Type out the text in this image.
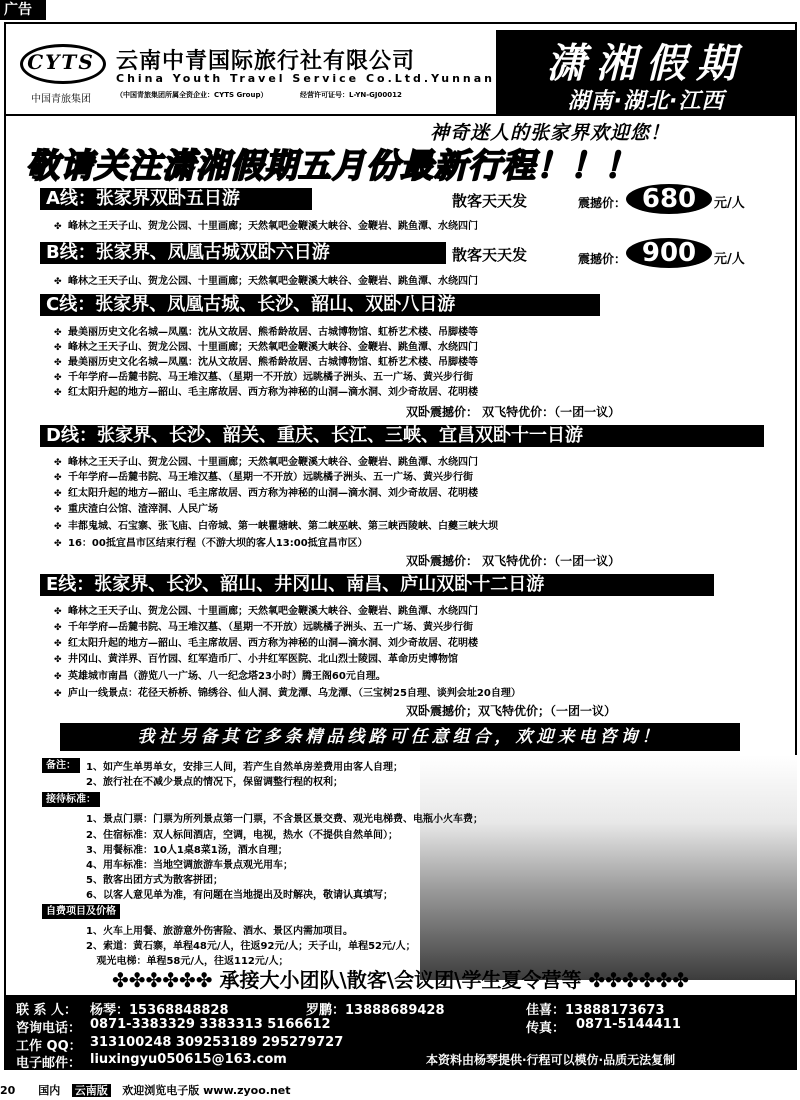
广告
CYTS
中国青旅集团
云南中青国际旅行社有限公司
China Youth Travel Service Co.Ltd.Yunnan
（中国青旅集团所属全资企业：CYTS Group）	经营许可证号：L-YN-GJ00012
潇湘假期
湖南·湖北·江西
神奇迷人的张家界欢迎您！
敬请关注潇湘假期五月份最新行程！！！
A线：张家界双卧五日游	散客天天发	震撼价： 680	元/人
✤ 峰林之王天子山、贺龙公园、十里画廊；天然氧吧金鞭溪大峡谷、金鞭岩、跳鱼潭、水绕四门
B线：张家界、凤凰古城双卧六日游	散客天天发	震撼价： 900	元/人
✤ 峰林之王天子山、贺龙公园、十里画廊；天然氧吧金鞭溪大峡谷、金鞭岩、跳鱼潭、水绕四门
C线：张家界、凤凰古城、长沙、韶山、双卧八日游
✤ 最美丽历史文化名城—凤凰：沈从文故居、熊希龄故居、古城博物馆、虹桥艺术楼、吊脚楼等
✤ 峰林之王天子山、贺龙公园、十里画廊；天然氧吧金鞭溪大峡谷、金鞭岩、跳鱼潭、水绕四门
✤ 最美丽历史文化名城—凤凰：沈从文故居、熊希龄故居、古城博物馆、虹桥艺术楼、吊脚楼等
✤ 千年学府—岳麓书院、马王堆汉墓、（星期一不开放）远眺橘子洲头、五一广场、黄兴步行街
✤ 红太阳升起的地方—韶山、毛主席故居、西方称为神秘的山洞—滴水洞、刘少奇故居、花明楼
双卧震撼价： 双飞特优价：（一团一议）
D线：张家界、长沙、韶关、重庆、长江、三峡、宜昌双卧十一日游
✤ 峰林之王天子山、贺龙公园、十里画廊；天然氧吧金鞭溪大峡谷、金鞭岩、跳鱼潭、水绕四门
✤ 千年学府—岳麓书院、马王堆汉墓、（星期一不开放）远眺橘子洲头、五一广场、黄兴步行街
✤ 红太阳升起的地方—韶山、毛主席故居、西方称为神秘的山洞—滴水洞、刘少奇故居、花明楼
✤ 重庆渣白公馆、渣滓洞、人民广场
✤ 丰都鬼城、石宝寨、张飞庙、白帝城、第一峡瞿塘峡、第二峡巫峡、第三峡西陵峡、白夔三峡大坝
✤ 16：00抵宜昌市区结束行程（不游大坝的客人13:00抵宜昌市区）
双卧震撼价： 双飞特优价：（一团一议）
E线：张家界、长沙、韶山、井冈山、南昌、庐山双卧十二日游
✤ 峰林之王天子山、贺龙公园、十里画廊；天然氧吧金鞭溪大峡谷、金鞭岩、跳鱼潭、水绕四门
✤ 千年学府—岳麓书院、马王堆汉墓、（星期一不开放）远眺橘子洲头、五一广场、黄兴步行街
✤ 红太阳升起的地方—韶山、毛主席故居、西方称为神秘的山洞—滴水洞、刘少奇故居、花明楼
✤ 井冈山、黄洋界、百竹园、红军造币厂、小井红军医院、北山烈士陵园、革命历史博物馆
✤ 英雄城市南昌（游览八一广场、八一纪念塔23小时）腾王阁60元自理。
✤ 庐山一线景点：花径天桥桥、锦绣谷、仙人洞、黄龙潭、乌龙潭、（三宝树25自理、谈判会址20自理）
双卧震撼价；双飞特优价；（一团一议）
我社另备其它多条精品线路可任意组合，欢迎来电咨询！
备注：	1、如产生单男单女，安排三人间，若产生自然单房差费用由客人自理；
2、旅行社在不减少景点的情况下，保留调整行程的权利；
接待标准：
1、景点门票：门票为所列景点第一门票，不含景区景交费、观光电梯费、电瓶小火车费；
2、住宿标准：双人标间酒店，空调，电视，热水（不提供自然单间）；
3、用餐标准：10人1桌8菜1汤，酒水自理；
4、用车标准：当地空调旅游车景点观光用车；
5、散客出团方式为散客拼团；
6、以客人意见单为准，有问题在当地提出及时解决，敬请认真填写；
自费项目及价格
1、火车上用餐、旅游意外伤害险、酒水、景区内需加项目。
2、索道：黄石寨，单程48元/人，往返92元/人；天子山，单程52元/人；
观光电梯：单程58元/人，往返112元/人；
✤✤✤✤✤✤ 承接大小团队\散客\会议团\学生夏令营等 ✤✤✤✤✤✤
联 系 人： 杨琴：15368848828	罗鹏：13888689428	佳喜：13888173673
咨询电话： 0871-3383329 3383313 5166612	传真： 0871-5144411
工作 QQ： 313100248 309253189 295279727
电子邮件： liuxingyu050615@163.com	本资料由杨琴提供·行程可以模仿·品质无法复制
20 国内 云南版 欢迎浏览电子版 www.zyoo.net
